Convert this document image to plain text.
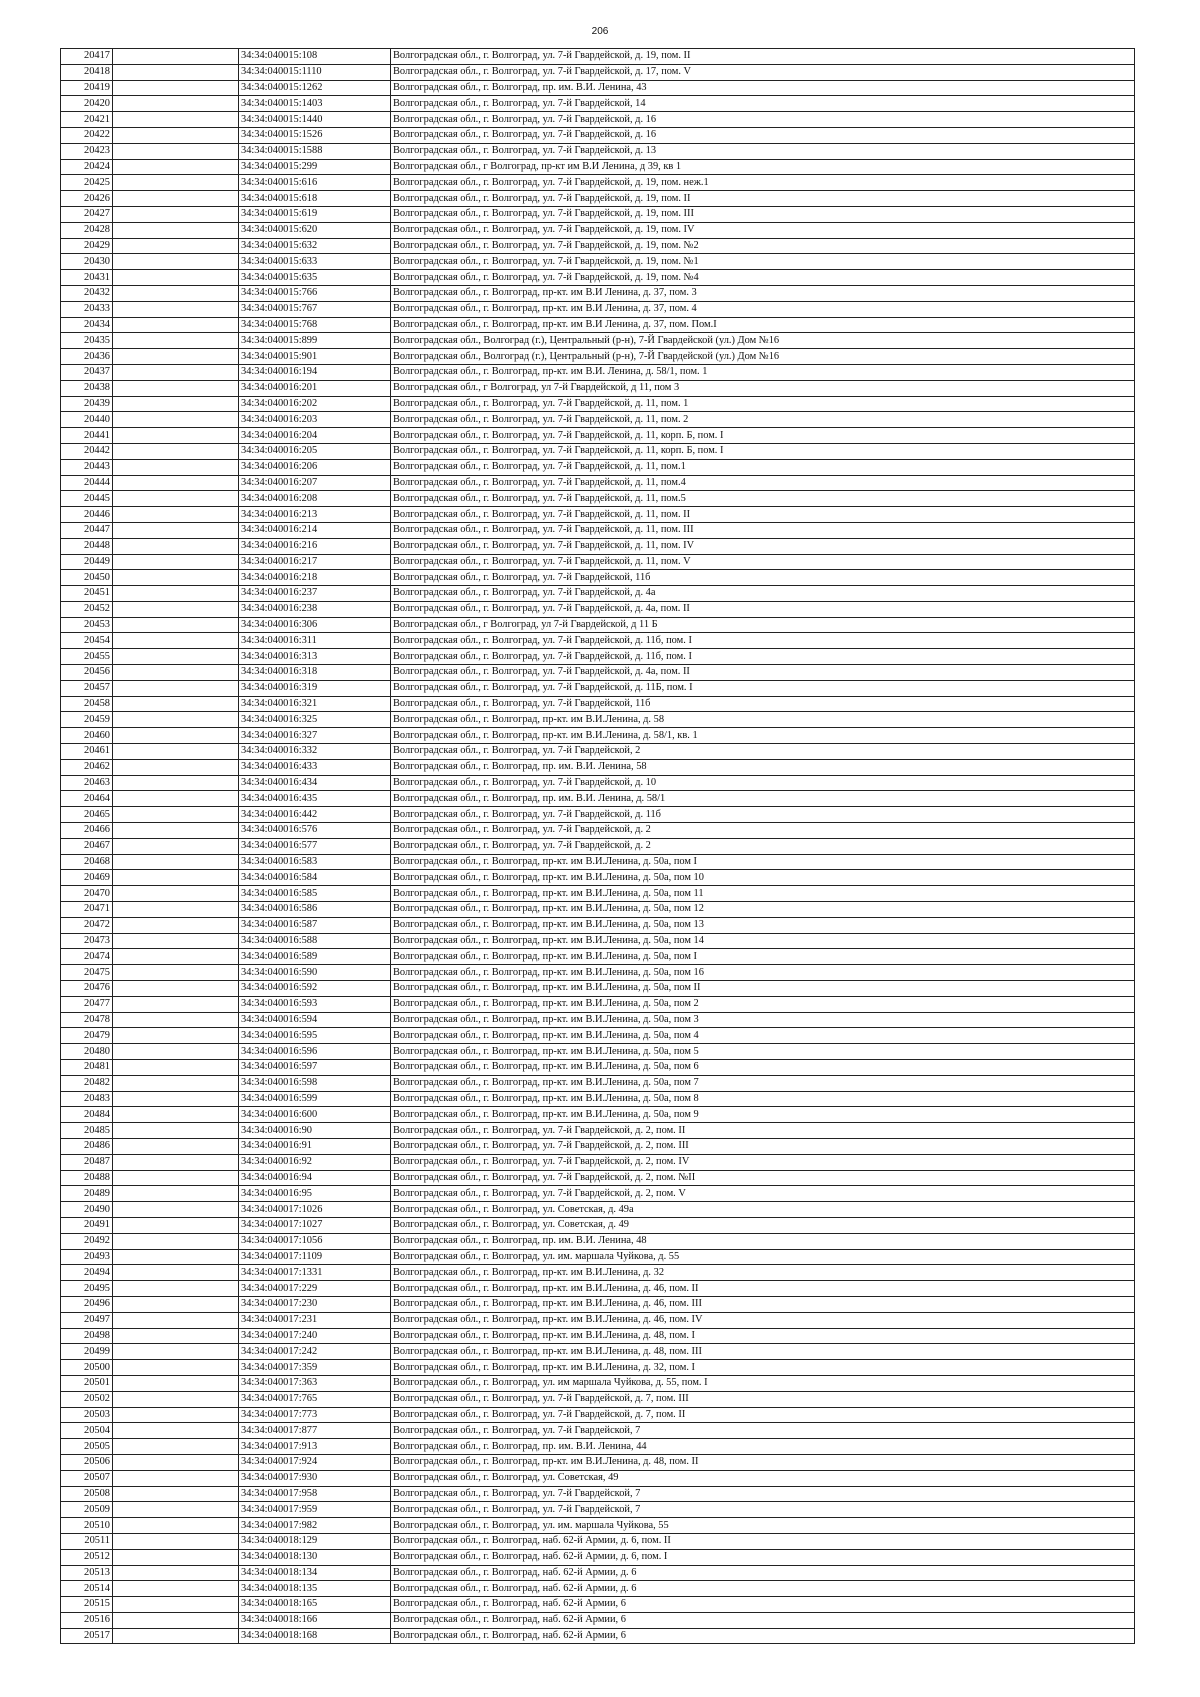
206
20417		34:34:040015:108	Волгоградская обл., г. Волгоград, ул. 7-й Гвардейской, д. 19, пом. II
20418		34:34:040015:1110	Волгоградская обл., г. Волгоград, ул. 7-й Гвардейской, д. 17, пом. V
20419		34:34:040015:1262	Волгоградская обл., г. Волгоград, пр. им. В.И. Ленина, 43
20420		34:34:040015:1403	Волгоградская обл., г. Волгоград, ул. 7-й Гвардейской, 14
20421		34:34:040015:1440	Волгоградская обл., г. Волгоград, ул. 7-й Гвардейской, д. 16
20422		34:34:040015:1526	Волгоградская обл., г. Волгоград, ул. 7-й Гвардейской, д. 16
20423		34:34:040015:1588	Волгоградская обл., г. Волгоград, ул. 7-й Гвардейской, д. 13
20424		34:34:040015:299	Волгоградская обл., г Волгоград, пр-кт им В.И Ленина, д 39, кв 1
20425		34:34:040015:616	Волгоградская обл., г. Волгоград, ул. 7-й Гвардейской, д. 19, пом. неж.1
20426		34:34:040015:618	Волгоградская обл., г. Волгоград, ул. 7-й Гвардейской, д. 19, пом. II
20427		34:34:040015:619	Волгоградская обл., г. Волгоград, ул. 7-й Гвардейской, д. 19, пом. III
20428		34:34:040015:620	Волгоградская обл., г. Волгоград, ул. 7-й Гвардейской, д. 19, пом. IV
20429		34:34:040015:632	Волгоградская обл., г. Волгоград, ул. 7-й Гвардейской, д. 19, пом. №2
20430		34:34:040015:633	Волгоградская обл., г. Волгоград, ул. 7-й Гвардейской, д. 19, пом. №1
20431		34:34:040015:635	Волгоградская обл., г. Волгоград, ул. 7-й Гвардейской, д. 19, пом. №4
20432		34:34:040015:766	Волгоградская обл., г. Волгоград, пр-кт. им В.И Ленина, д. 37, пом. 3
20433		34:34:040015:767	Волгоградская обл., г. Волгоград, пр-кт. им В.И Ленина, д. 37, пом. 4
20434		34:34:040015:768	Волгоградская обл., г. Волгоград, пр-кт. им В.И Ленина, д. 37, пом. Пом.I
20435		34:34:040015:899	Волгоградская обл., Волгоград (г.), Центральный (р-н), 7-Й Гвардейской (ул.) Дом №16
20436		34:34:040015:901	Волгоградская обл., Волгоград (г.), Центральный (р-н), 7-Й Гвардейской (ул.) Дом №16
20437		34:34:040016:194	Волгоградская обл., г. Волгоград, пр-кт. им В.И. Ленина, д. 58/1, пом. 1
20438		34:34:040016:201	Волгоградская обл., г Волгоград, ул 7-й Гвардейской, д 11, пом 3
20439		34:34:040016:202	Волгоградская обл., г. Волгоград, ул. 7-й Гвардейской, д. 11, пом. 1
20440		34:34:040016:203	Волгоградская обл., г. Волгоград, ул. 7-й Гвардейской, д. 11, пом. 2
20441		34:34:040016:204	Волгоградская обл., г. Волгоград, ул. 7-й Гвардейской, д. 11, корп. Б, пом. I
20442		34:34:040016:205	Волгоградская обл., г. Волгоград, ул. 7-й Гвардейской, д. 11, корп. Б, пом. I
20443		34:34:040016:206	Волгоградская обл., г. Волгоград, ул. 7-й Гвардейской, д. 11, пом.1
20444		34:34:040016:207	Волгоградская обл., г. Волгоград, ул. 7-й Гвардейской, д. 11, пом.4
20445		34:34:040016:208	Волгоградская обл., г. Волгоград, ул. 7-й Гвардейской, д. 11, пом.5
20446		34:34:040016:213	Волгоградская обл., г. Волгоград, ул. 7-й Гвардейской, д. 11, пом. II
20447		34:34:040016:214	Волгоградская обл., г. Волгоград, ул. 7-й Гвардейской, д. 11, пом. III
20448		34:34:040016:216	Волгоградская обл., г. Волгоград, ул. 7-й Гвардейской, д. 11, пом. IV
20449		34:34:040016:217	Волгоградская обл., г. Волгоград, ул. 7-й Гвардейской, д. 11, пом. V
20450		34:34:040016:218	Волгоградская обл., г. Волгоград, ул. 7-й Гвардейской, 11б
20451		34:34:040016:237	Волгоградская обл., г. Волгоград, ул. 7-й Гвардейской, д. 4а
20452		34:34:040016:238	Волгоградская обл., г. Волгоград, ул. 7-й Гвардейской, д. 4а, пом. II
20453		34:34:040016:306	Волгоградская обл., г Волгоград, ул 7-й Гвардейской, д 11 Б
20454		34:34:040016:311	Волгоградская обл., г. Волгоград, ул. 7-й Гвардейской, д. 11б, пом. I
20455		34:34:040016:313	Волгоградская обл., г. Волгоград, ул. 7-й Гвардейской, д. 11б, пом. I
20456		34:34:040016:318	Волгоградская обл., г. Волгоград, ул. 7-й Гвардейской, д. 4а, пом. II
20457		34:34:040016:319	Волгоградская обл., г. Волгоград, ул. 7-й Гвардейской, д. 11Б, пом. I
20458		34:34:040016:321	Волгоградская обл., г. Волгоград, ул. 7-й Гвардейской, 11б
20459		34:34:040016:325	Волгоградская обл., г. Волгоград, пр-кт. им В.И.Ленина, д. 58
20460		34:34:040016:327	Волгоградская обл., г. Волгоград, пр-кт. им В.И.Ленина, д. 58/1, кв. 1
20461		34:34:040016:332	Волгоградская обл., г. Волгоград, ул. 7-й Гвардейской, 2
20462		34:34:040016:433	Волгоградская обл., г. Волгоград, пр. им. В.И. Ленина, 58
20463		34:34:040016:434	Волгоградская обл., г. Волгоград, ул. 7-й Гвардейской, д. 10
20464		34:34:040016:435	Волгоградская обл., г. Волгоград, пр. им. В.И. Ленина, д. 58/1
20465		34:34:040016:442	Волгоградская обл., г. Волгоград, ул. 7-й Гвардейской, д. 11б
20466		34:34:040016:576	Волгоградская обл., г. Волгоград, ул. 7-й Гвардейской, д. 2
20467		34:34:040016:577	Волгоградская обл., г. Волгоград, ул. 7-й Гвардейской, д. 2
20468		34:34:040016:583	Волгоградская обл., г. Волгоград, пр-кт. им В.И.Ленина, д. 50а, пом I
20469		34:34:040016:584	Волгоградская обл., г. Волгоград, пр-кт. им В.И.Ленина, д. 50а, пом 10
20470		34:34:040016:585	Волгоградская обл., г. Волгоград, пр-кт. им В.И.Ленина, д. 50а, пом 11
20471		34:34:040016:586	Волгоградская обл., г. Волгоград, пр-кт. им В.И.Ленина, д. 50а, пом 12
20472		34:34:040016:587	Волгоградская обл., г. Волгоград, пр-кт. им В.И.Ленина, д. 50а, пом 13
20473		34:34:040016:588	Волгоградская обл., г. Волгоград, пр-кт. им В.И.Ленина, д. 50а, пом 14
20474		34:34:040016:589	Волгоградская обл., г. Волгоград, пр-кт. им В.И.Ленина, д. 50а, пом I
20475		34:34:040016:590	Волгоградская обл., г. Волгоград, пр-кт. им В.И.Ленина, д. 50а, пом 16
20476		34:34:040016:592	Волгоградская обл., г. Волгоград, пр-кт. им В.И.Ленина, д. 50а, пом II
20477		34:34:040016:593	Волгоградская обл., г. Волгоград, пр-кт. им В.И.Ленина, д. 50а, пом 2
20478		34:34:040016:594	Волгоградская обл., г. Волгоград, пр-кт. им В.И.Ленина, д. 50а, пом 3
20479		34:34:040016:595	Волгоградская обл., г. Волгоград, пр-кт. им В.И.Ленина, д. 50а, пом 4
20480		34:34:040016:596	Волгоградская обл., г. Волгоград, пр-кт. им В.И.Ленина, д. 50а, пом 5
20481		34:34:040016:597	Волгоградская обл., г. Волгоград, пр-кт. им В.И.Ленина, д. 50а, пом 6
20482		34:34:040016:598	Волгоградская обл., г. Волгоград, пр-кт. им В.И.Ленина, д. 50а, пом 7
20483		34:34:040016:599	Волгоградская обл., г. Волгоград, пр-кт. им В.И.Ленина, д. 50а, пом 8
20484		34:34:040016:600	Волгоградская обл., г. Волгоград, пр-кт. им В.И.Ленина, д. 50а, пом 9
20485		34:34:040016:90	Волгоградская обл., г. Волгоград, ул. 7-й Гвардейской, д. 2, пом. II
20486		34:34:040016:91	Волгоградская обл., г. Волгоград, ул. 7-й Гвардейской, д. 2, пом. III
20487		34:34:040016:92	Волгоградская обл., г. Волгоград, ул. 7-й Гвардейской, д. 2, пом. IV
20488		34:34:040016:94	Волгоградская обл., г. Волгоград, ул. 7-й Гвардейской, д. 2, пом. №II
20489		34:34:040016:95	Волгоградская обл., г. Волгоград, ул. 7-й Гвардейской, д. 2, пом. V
20490		34:34:040017:1026	Волгоградская обл., г. Волгоград, ул. Советская, д. 49а
20491		34:34:040017:1027	Волгоградская обл., г. Волгоград, ул. Советская, д. 49
20492		34:34:040017:1056	Волгоградская обл., г. Волгоград, пр. им. В.И. Ленина, 48
20493		34:34:040017:1109	Волгоградская обл., г. Волгоград, ул. им. маршала Чуйкова, д. 55
20494		34:34:040017:1331	Волгоградская обл., г. Волгоград, пр-кт. им В.И.Ленина, д. 32
20495		34:34:040017:229	Волгоградская обл., г. Волгоград, пр-кт. им В.И.Ленина, д. 46, пом. II
20496		34:34:040017:230	Волгоградская обл., г. Волгоград, пр-кт. им В.И.Ленина, д. 46, пом. III
20497		34:34:040017:231	Волгоградская обл., г. Волгоград, пр-кт. им В.И.Ленина, д. 46, пом. IV
20498		34:34:040017:240	Волгоградская обл., г. Волгоград, пр-кт. им В.И.Ленина, д. 48, пом. I
20499		34:34:040017:242	Волгоградская обл., г. Волгоград, пр-кт. им В.И.Ленина, д. 48, пом. III
20500		34:34:040017:359	Волгоградская обл., г. Волгоград, пр-кт. им В.И.Ленина, д. 32, пом. I
20501		34:34:040017:363	Волгоградская обл., г. Волгоград, ул. им маршала Чуйкова, д. 55, пом. I
20502		34:34:040017:765	Волгоградская обл., г. Волгоград, ул. 7-й Гвардейской, д. 7, пом. III
20503		34:34:040017:773	Волгоградская обл., г. Волгоград, ул. 7-й Гвардейской, д. 7, пом. II
20504		34:34:040017:877	Волгоградская обл., г. Волгоград, ул. 7-й Гвардейской, 7
20505		34:34:040017:913	Волгоградская обл., г. Волгоград, пр. им. В.И. Ленина, 44
20506		34:34:040017:924	Волгоградская обл., г. Волгоград, пр-кт. им В.И.Ленина, д. 48, пом. II
20507		34:34:040017:930	Волгоградская обл., г. Волгоград, ул. Советская, 49
20508		34:34:040017:958	Волгоградская обл., г. Волгоград, ул. 7-й Гвардейской, 7
20509		34:34:040017:959	Волгоградская обл., г. Волгоград, ул. 7-й Гвардейской, 7
20510		34:34:040017:982	Волгоградская обл., г. Волгоград, ул. им. маршала Чуйкова, 55
20511		34:34:040018:129	Волгоградская обл., г. Волгоград, наб. 62-й Армии, д. 6, пом. II
20512		34:34:040018:130	Волгоградская обл., г. Волгоград, наб. 62-й Армии, д. 6, пом. I
20513		34:34:040018:134	Волгоградская обл., г. Волгоград, наб. 62-й Армии, д. 6
20514		34:34:040018:135	Волгоградская обл., г. Волгоград, наб. 62-й Армии, д. 6
20515		34:34:040018:165	Волгоградская обл., г. Волгоград, наб. 62-й Армии, 6
20516		34:34:040018:166	Волгоградская обл., г. Волгоград, наб. 62-й Армии, 6
20517		34:34:040018:168	Волгоградская обл., г. Волгоград, наб. 62-й Армии, 6
